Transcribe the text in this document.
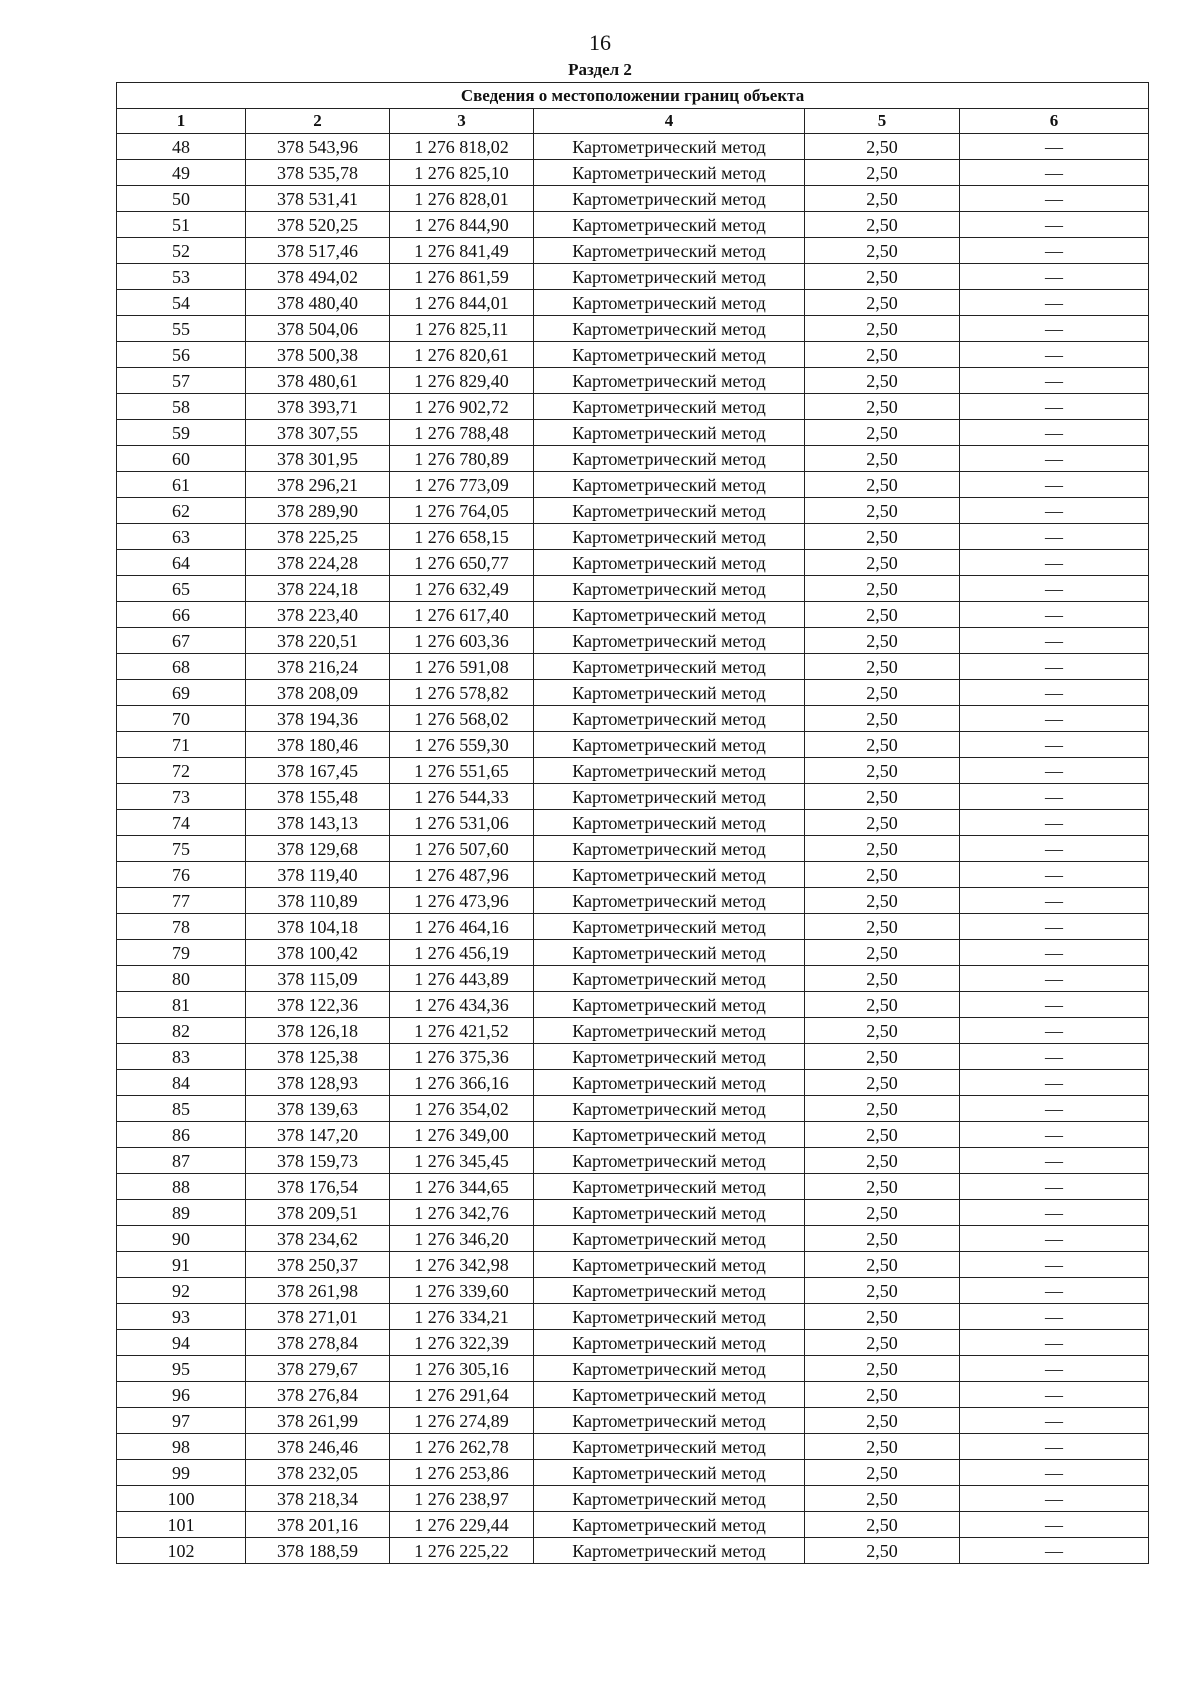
16
Раздел 2
Сведения о местоположении границ объекта					
1	2	3	4	5	6
48	378 543,96	1 276 818,02	Картометрический метод	2,50	—
49	378 535,78	1 276 825,10	Картометрический метод	2,50	—
50	378 531,41	1 276 828,01	Картометрический метод	2,50	—
51	378 520,25	1 276 844,90	Картометрический метод	2,50	—
52	378 517,46	1 276 841,49	Картометрический метод	2,50	—
53	378 494,02	1 276 861,59	Картометрический метод	2,50	—
54	378 480,40	1 276 844,01	Картометрический метод	2,50	—
55	378 504,06	1 276 825,11	Картометрический метод	2,50	—
56	378 500,38	1 276 820,61	Картометрический метод	2,50	—
57	378 480,61	1 276 829,40	Картометрический метод	2,50	—
58	378 393,71	1 276 902,72	Картометрический метод	2,50	—
59	378 307,55	1 276 788,48	Картометрический метод	2,50	—
60	378 301,95	1 276 780,89	Картометрический метод	2,50	—
61	378 296,21	1 276 773,09	Картометрический метод	2,50	—
62	378 289,90	1 276 764,05	Картометрический метод	2,50	—
63	378 225,25	1 276 658,15	Картометрический метод	2,50	—
64	378 224,28	1 276 650,77	Картометрический метод	2,50	—
65	378 224,18	1 276 632,49	Картометрический метод	2,50	—
66	378 223,40	1 276 617,40	Картометрический метод	2,50	—
67	378 220,51	1 276 603,36	Картометрический метод	2,50	—
68	378 216,24	1 276 591,08	Картометрический метод	2,50	—
69	378 208,09	1 276 578,82	Картометрический метод	2,50	—
70	378 194,36	1 276 568,02	Картометрический метод	2,50	—
71	378 180,46	1 276 559,30	Картометрический метод	2,50	—
72	378 167,45	1 276 551,65	Картометрический метод	2,50	—
73	378 155,48	1 276 544,33	Картометрический метод	2,50	—
74	378 143,13	1 276 531,06	Картометрический метод	2,50	—
75	378 129,68	1 276 507,60	Картометрический метод	2,50	—
76	378 119,40	1 276 487,96	Картометрический метод	2,50	—
77	378 110,89	1 276 473,96	Картометрический метод	2,50	—
78	378 104,18	1 276 464,16	Картометрический метод	2,50	—
79	378 100,42	1 276 456,19	Картометрический метод	2,50	—
80	378 115,09	1 276 443,89	Картометрический метод	2,50	—
81	378 122,36	1 276 434,36	Картометрический метод	2,50	—
82	378 126,18	1 276 421,52	Картометрический метод	2,50	—
83	378 125,38	1 276 375,36	Картометрический метод	2,50	—
84	378 128,93	1 276 366,16	Картометрический метод	2,50	—
85	378 139,63	1 276 354,02	Картометрический метод	2,50	—
86	378 147,20	1 276 349,00	Картометрический метод	2,50	—
87	378 159,73	1 276 345,45	Картометрический метод	2,50	—
88	378 176,54	1 276 344,65	Картометрический метод	2,50	—
89	378 209,51	1 276 342,76	Картометрический метод	2,50	—
90	378 234,62	1 276 346,20	Картометрический метод	2,50	—
91	378 250,37	1 276 342,98	Картометрический метод	2,50	—
92	378 261,98	1 276 339,60	Картометрический метод	2,50	—
93	378 271,01	1 276 334,21	Картометрический метод	2,50	—
94	378 278,84	1 276 322,39	Картометрический метод	2,50	—
95	378 279,67	1 276 305,16	Картометрический метод	2,50	—
96	378 276,84	1 276 291,64	Картометрический метод	2,50	—
97	378 261,99	1 276 274,89	Картометрический метод	2,50	—
98	378 246,46	1 276 262,78	Картометрический метод	2,50	—
99	378 232,05	1 276 253,86	Картометрический метод	2,50	—
100	378 218,34	1 276 238,97	Картометрический метод	2,50	—
101	378 201,16	1 276 229,44	Картометрический метод	2,50	—
102	378 188,59	1 276 225,22	Картометрический метод	2,50	—
